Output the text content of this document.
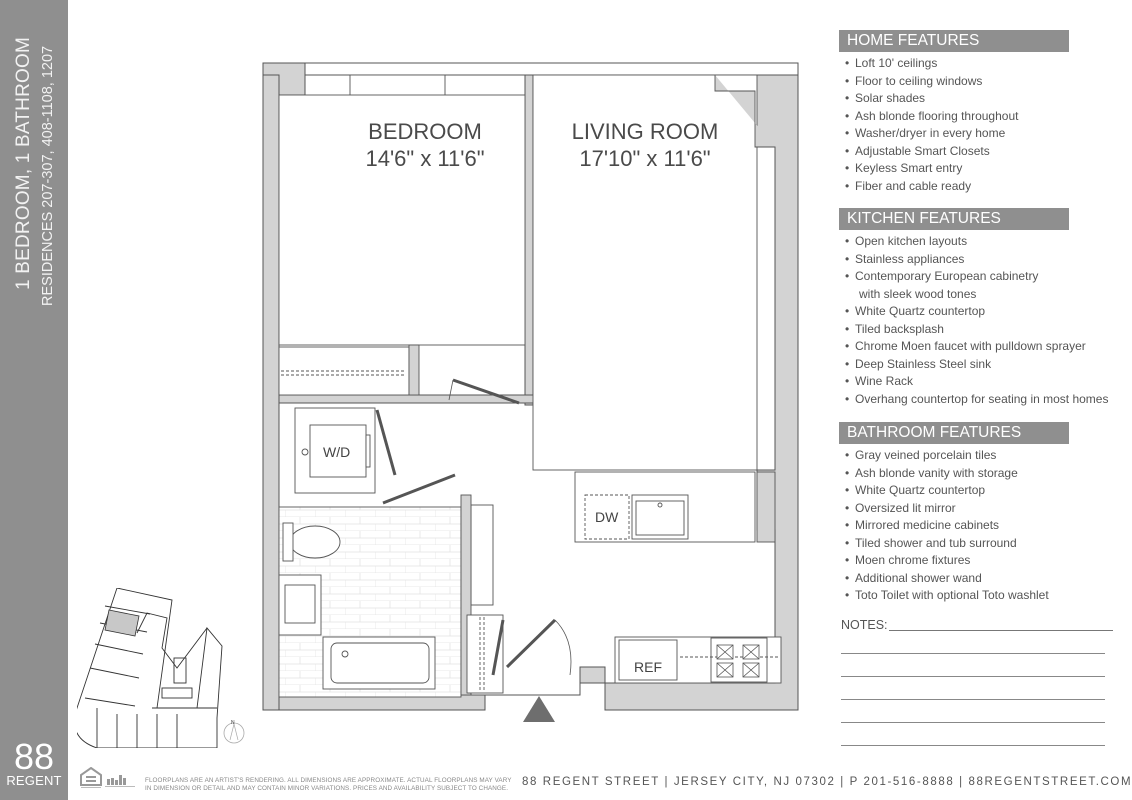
1 BEDROOM, 1 BATHROOM RESIDENCES 207-307, 408-1108, 1207
88
REGENT
N
BEDROOM
14'6" x 11'6"
LIVING ROOM
17'10" x 11'6"
W/D
DW
REF
HOME FEATURES
• Loft 10' ceilings
• Floor to ceiling windows
• Solar shades
• Ash blonde flooring throughout
• Washer/dryer in every home
• Adjustable Smart Closets
• Keyless Smart entry
• Fiber and cable ready
KITCHEN FEATURES
• Open kitchen layouts
• Stainless appliances
• Contemporary European cabinetry
with sleek wood tones
• White Quartz countertop
• Tiled backsplash
• Chrome Moen faucet with pulldown sprayer
• Deep Stainless Steel sink
• Wine Rack
• Overhang countertop for seating in most homes
BATHROOM FEATURES
• Gray veined porcelain tiles
• Ash blonde vanity with storage
• White Quartz countertop
• Oversized lit mirror
• Mirrored medicine cabinets
• Tiled shower and tub surround
• Moen chrome fixtures
• Additional shower wand
• Toto Toilet with optional Toto washlet
NOTES:
FLOORPLANS ARE AN ARTIST'S RENDERING. ALL DIMENSIONS ARE APPROXIMATE. ACTUAL FLOORPLANS MAY VARY
IN DIMENSION OR DETAIL AND MAY CONTAIN MINOR VARIATIONS. PRICES AND AVAILABILITY SUBJECT TO CHANGE.
88 REGENT STREET | JERSEY CITY, NJ 07302 | P 201-516-8888 | 88REGENTSTREET.COM
